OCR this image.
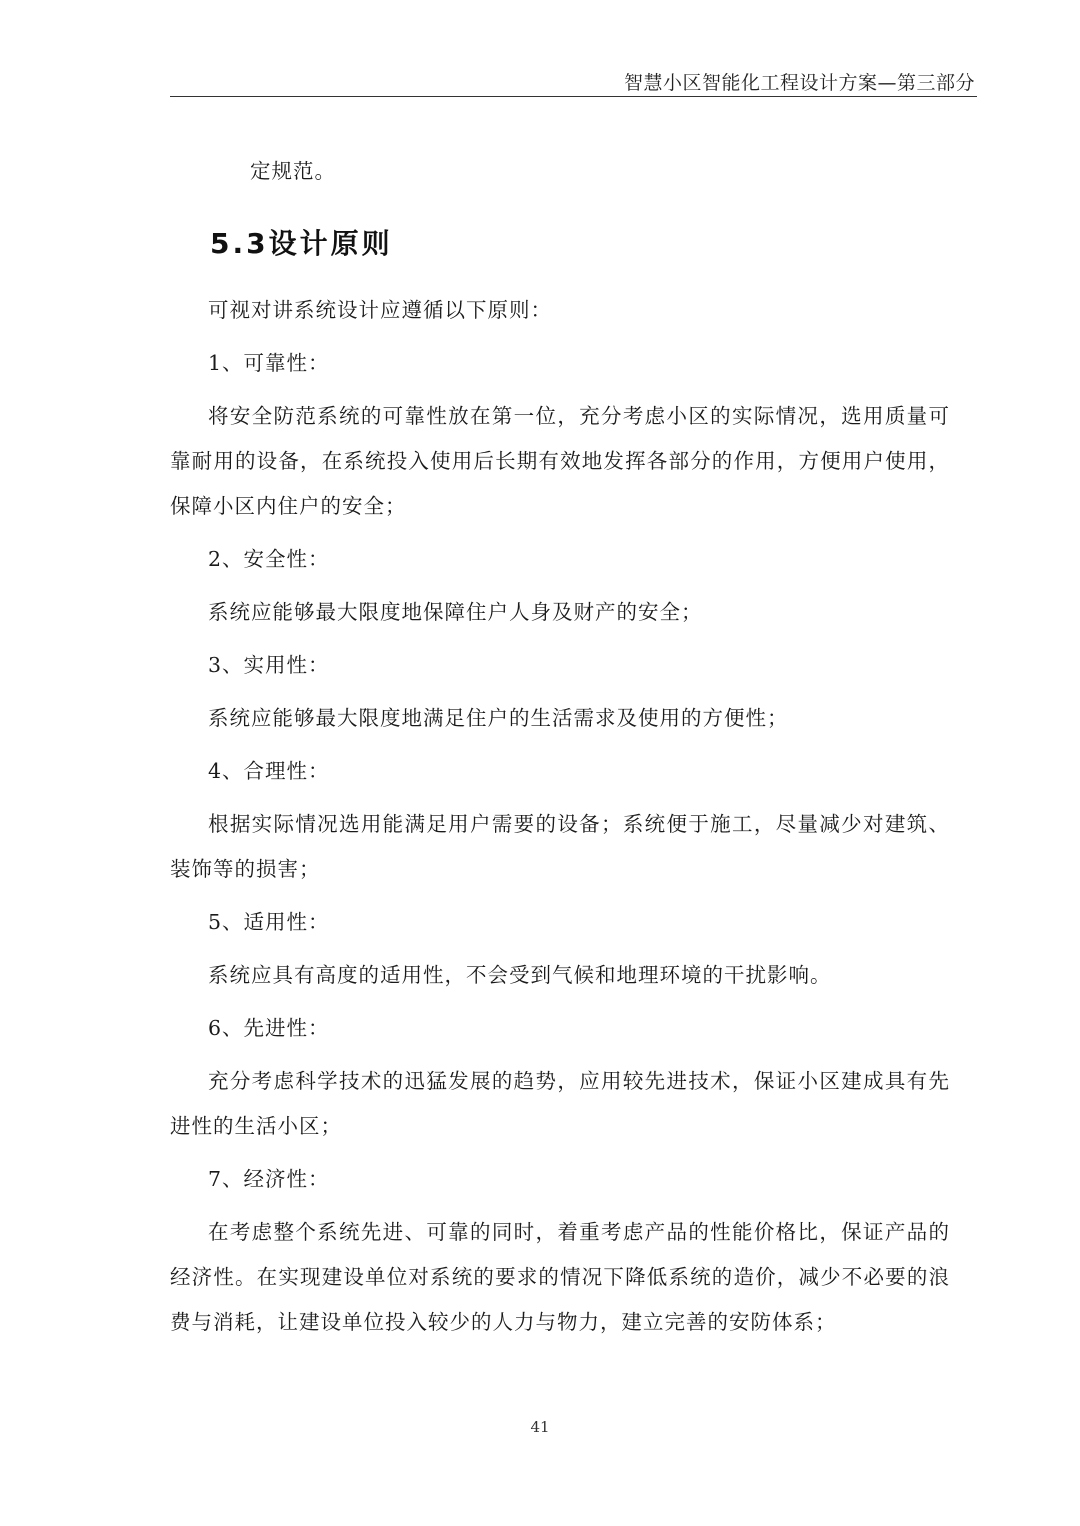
智慧小区智能化工程设计方案—第三部分

定规范。

5.3设计原则

可视对讲系统设计应遵循以下原则：

1、可靠性：

将安全防范系统的可靠性放在第一位，充分考虑小区的实际情况，选用质量可靠耐用的设备，在系统投入使用后长期有效地发挥各部分的作用，方便用户使用，保障小区内住户的安全；

2、安全性：

系统应能够最大限度地保障住户人身及财产的安全；

3、实用性：

系统应能够最大限度地满足住户的生活需求及使用的方便性；

4、合理性：

根据实际情况选用能满足用户需要的设备；系统便于施工，尽量减少对建筑、装饰等的损害；

5、适用性：

系统应具有高度的适用性，不会受到气候和地理环境的干扰影响。

6、先进性：

充分考虑科学技术的迅猛发展的趋势，应用较先进技术，保证小区建成具有先进性的生活小区；

7、经济性：

在考虑整个系统先进、可靠的同时，着重考虑产品的性能价格比，保证产品的经济性。在实现建设单位对系统的要求的情况下降低系统的造价，减少不必要的浪费与消耗，让建设单位投入较少的人力与物力，建立完善的安防体系；

41
